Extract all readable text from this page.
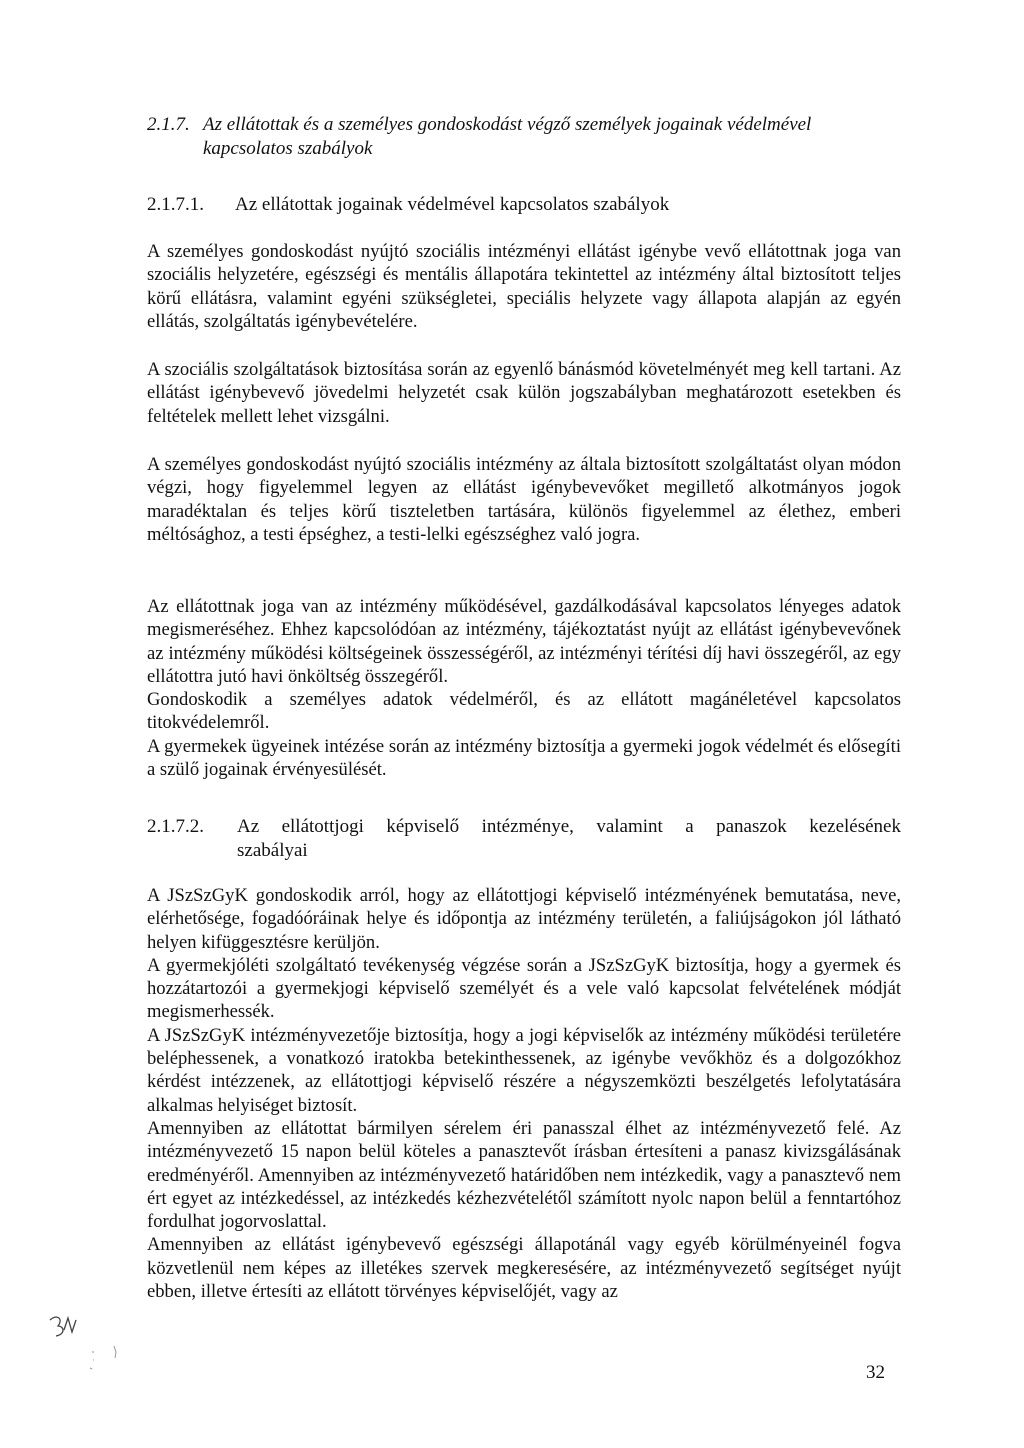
2.1.7. Az ellátottak és a személyes gondoskodást végző személyek jogainak védelmével
kapcsolatos szabályok
2.1.7.1. Az ellátottak jogainak védelmével kapcsolatos szabályok

A személyes gondoskodást nyújtó szociális intézményi ellátást igénybe vevő ellátottnak joga van szociális helyzetére, egészségi és mentális állapotára tekintettel az intézmény által biztosított teljes körű ellátásra, valamint egyéni szükségletei, speciális helyzete vagy állapota alapján az egyén ellátás, szolgáltatás igénybevételére.

A szociális szolgáltatások biztosítása során az egyenlő bánásmód követelményét meg kell tartani. Az ellátást igénybevevő jövedelmi helyzetét csak külön jogszabályban meghatározott esetekben és feltételek mellett lehet vizsgálni.

A személyes gondoskodást nyújtó szociális intézmény az általa biztosított szolgáltatást olyan módon végzi, hogy figyelemmel legyen az ellátást igénybevevőket megillető alkotmányos jogok maradéktalan és teljes körű tiszteletben tartására, különös figyelemmel az élethez, emberi méltósághoz, a testi épséghez, a testi-lelki egészséghez való jogra.

Az ellátottnak joga van az intézmény működésével, gazdálkodásával kapcsolatos lényeges adatok megismeréséhez. Ehhez kapcsolódóan az intézmény, tájékoztatást nyújt az ellátást igénybevevőnek az intézmény működési költségeinek összességéről, az intézményi térítési díj havi összegéről, az egy ellátottra jutó havi önköltség összegéről.

Gondoskodik a személyes adatok védelméről, és az ellátott magánéletével kapcsolatos titokvédelemről.

A gyermekek ügyeinek intézése során az intézmény biztosítja a gyermeki jogok védelmét és elősegíti a szülő jogainak érvényesülését.

2.1.7.2. Az ellátottjogi képviselő intézménye, valamint a panaszok kezelésének
szabályai

A JSzSzGyK gondoskodik arról, hogy az ellátottjogi képviselő intézményének bemutatása, neve, elérhetősége, fogadóóráinak helye és időpontja az intézmény területén, a faliújságokon jól látható helyen kifüggesztésre kerüljön.

A gyermekjóléti szolgáltató tevékenység végzése során a JSzSzGyK biztosítja, hogy a gyermek és hozzátartozói a gyermekjogi képviselő személyét és a vele való kapcsolat felvételének módját megismerhessék.

A JSzSzGyK intézményvezetője biztosítja, hogy a jogi képviselők az intézmény működési területére beléphessenek, a vonatkozó iratokba betekinthessenek, az igénybe vevőkhöz és a dolgozókhoz kérdést intézzenek, az ellátottjogi képviselő részére a négyszemközti beszélgetés lefolytatására alkalmas helyiséget biztosít.

Amennyiben az ellátottat bármilyen sérelem éri panasszal élhet az intézményvezető felé. Az intézményvezető 15 napon belül köteles a panasztevőt írásban értesíteni a panasz kivizsgálásának eredményéről. Amennyiben az intézményvezető határidőben nem intézkedik, vagy a panasztevő nem ért egyet az intézkedéssel, az intézkedés kézhezvételétől számított nyolc napon belül a fenntartóhoz fordulhat jogorvoslattal.

Amennyiben az ellátást igénybevevő egészségi állapotánál vagy egyéb körülményeinél fogva közvetlenül nem képes az illetékes szervek megkeresésére, az intézményvezető segítséget nyújt ebben, illetve értesíti az ellátott törvényes képviselőjét, vagy az

32
